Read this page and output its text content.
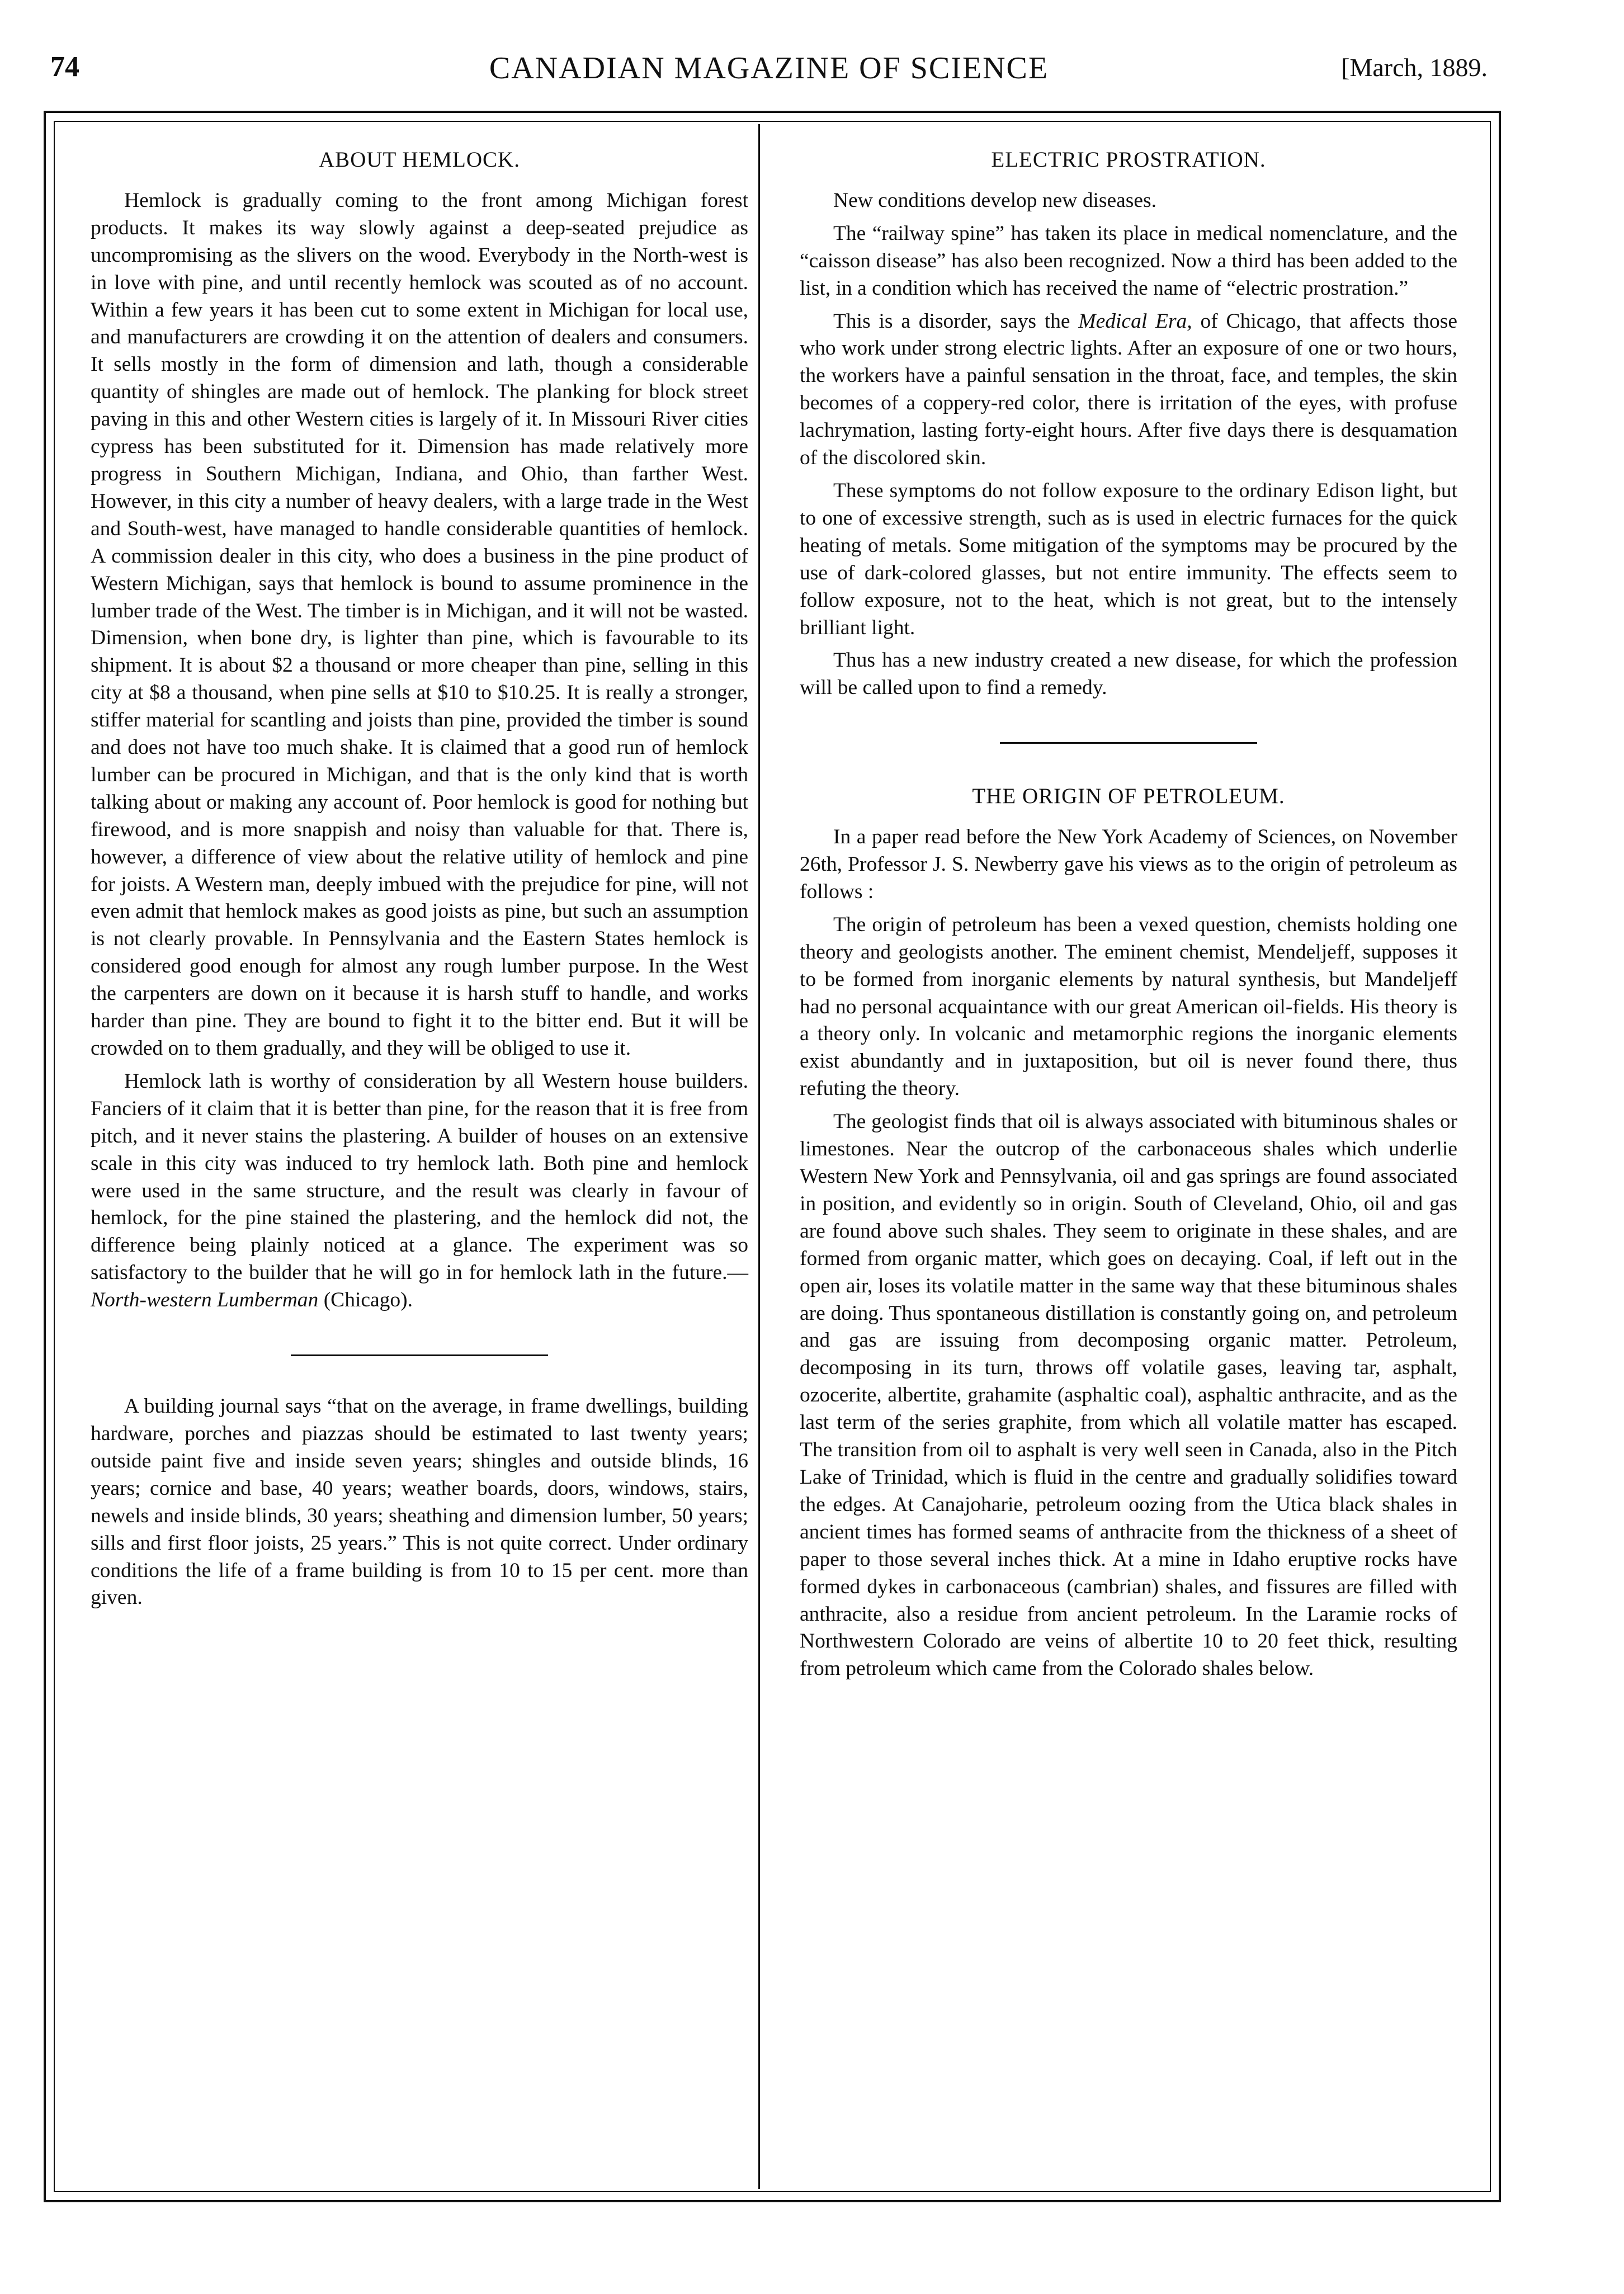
74	CANADIAN MAGAZINE OF SCIENCE	[March, 1889.
ABOUT HEMLOCK.

Hemlock is gradually coming to the front among Michigan forest products. It makes its way slowly against a deep-seated prejudice as uncompromising as the slivers on the wood. Everybody in the North-west is in love with pine, and until recently hemlock was scouted as of no account. Within a few years it has been cut to some extent in Michigan for local use, and manufacturers are crowding it on the attention of dealers and consumers. It sells mostly in the form of dimension and lath, though a considerable quantity of shingles are made out of hemlock. The planking for block street paving in this and other Western cities is largely of it. In Missouri River cities cypress has been substituted for it. Dimension has made relatively more progress in Southern Michigan, Indiana, and Ohio, than farther West. However, in this city a number of heavy dealers, with a large trade in the West and South-west, have managed to handle considerable quantities of hemlock. A commission dealer in this city, who does a business in the pine product of Western Michigan, says that hemlock is bound to assume prominence in the lumber trade of the West. The timber is in Michigan, and it will not be wasted. Dimension, when bone dry, is lighter than pine, which is favourable to its shipment. It is about $2 a thousand or more cheaper than pine, selling in this city at $8 a thousand, when pine sells at $10 to $10.25. It is really a stronger, stiffer material for scantling and joists than pine, provided the timber is sound and does not have too much shake. It is claimed that a good run of hemlock lumber can be procured in Michigan, and that is the only kind that is worth talking about or making any account of. Poor hemlock is good for nothing but firewood, and is more snappish and noisy than valuable for that. There is, however, a difference of view about the relative utility of hemlock and pine for joists. A Western man, deeply imbued with the prejudice for pine, will not even admit that hemlock makes as good joists as pine, but such an assumption is not clearly provable. In Pennsylvania and the Eastern States hemlock is considered good enough for almost any rough lumber purpose. In the West the carpenters are down on it because it is harsh stuff to handle, and works harder than pine. They are bound to fight it to the bitter end. But it will be crowded on to them gradually, and they will be obliged to use it.

Hemlock lath is worthy of consideration by all Western house builders. Fanciers of it claim that it is better than pine, for the reason that it is free from pitch, and it never stains the plastering. A builder of houses on an extensive scale in this city was induced to try hemlock lath. Both pine and hemlock were used in the same structure, and the result was clearly in favour of hemlock, for the pine stained the plastering, and the hemlock did not, the difference being plainly noticed at a glance. The experiment was so satisfactory to the builder that he will go in for hemlock lath in the future.—North-western Lumberman (Chicago).

A building journal says “that on the average, in frame dwellings, building hardware, porches and piazzas should be estimated to last twenty years; outside paint five and inside seven years; shingles and outside blinds, 16 years; cornice and base, 40 years; weather boards, doors, windows, stairs, newels and inside blinds, 30 years; sheathing and dimension lumber, 50 years; sills and first floor joists, 25 years.” This is not quite correct. Under ordinary conditions the life of a frame building is from 10 to 15 per cent. more than given.

ELECTRIC PROSTRATION.

New conditions develop new diseases.

The “railway spine” has taken its place in medical nomenclature, and the “caisson disease” has also been recognized. Now a third has been added to the list, in a condition which has received the name of “electric prostration.”

This is a disorder, says the Medical Era, of Chicago, that affects those who work under strong electric lights. After an exposure of one or two hours, the workers have a painful sensation in the throat, face, and temples, the skin becomes of a coppery-red color, there is irritation of the eyes, with profuse lachrymation, lasting forty-eight hours. After five days there is desquamation of the discolored skin.

These symptoms do not follow exposure to the ordinary Edison light, but to one of excessive strength, such as is used in electric furnaces for the quick heating of metals. Some mitigation of the symptoms may be procured by the use of dark-colored glasses, but not entire immunity. The effects seem to follow exposure, not to the heat, which is not great, but to the intensely brilliant light.

Thus has a new industry created a new disease, for which the profession will be called upon to find a remedy.

THE ORIGIN OF PETROLEUM.

In a paper read before the New York Academy of Sciences, on November 26th, Professor J. S. Newberry gave his views as to the origin of petroleum as follows :

The origin of petroleum has been a vexed question, chemists holding one theory and geologists another. The eminent chemist, Mendeljeff, supposes it to be formed from inorganic elements by natural synthesis, but Mandeljeff had no personal acquaintance with our great American oil-fields. His theory is a theory only. In volcanic and metamorphic regions the inorganic elements exist abundantly and in juxtaposition, but oil is never found there, thus refuting the theory.

The geologist finds that oil is always associated with bituminous shales or limestones. Near the outcrop of the carbonaceous shales which underlie Western New York and Pennsylvania, oil and gas springs are found associated in position, and evidently so in origin. South of Cleveland, Ohio, oil and gas are found above such shales. They seem to originate in these shales, and are formed from organic matter, which goes on decaying. Coal, if left out in the open air, loses its volatile matter in the same way that these bituminous shales are doing. Thus spontaneous distillation is constantly going on, and petroleum and gas are issuing from decomposing organic matter. Petroleum, decomposing in its turn, throws off volatile gases, leaving tar, asphalt, ozocerite, albertite, grahamite (asphaltic coal), asphaltic anthracite, and as the last term of the series graphite, from which all volatile matter has escaped. The transition from oil to asphalt is very well seen in Canada, also in the Pitch Lake of Trinidad, which is fluid in the centre and gradually solidifies toward the edges. At Canajoharie, petroleum oozing from the Utica black shales in ancient times has formed seams of anthracite from the thickness of a sheet of paper to those several inches thick. At a mine in Idaho eruptive rocks have formed dykes in carbonaceous (cambrian) shales, and fissures are filled with anthracite, also a residue from ancient petroleum. In the Laramie rocks of Northwestern Colorado are veins of albertite 10 to 20 feet thick, resulting from petroleum which came from the Colorado shales below.
